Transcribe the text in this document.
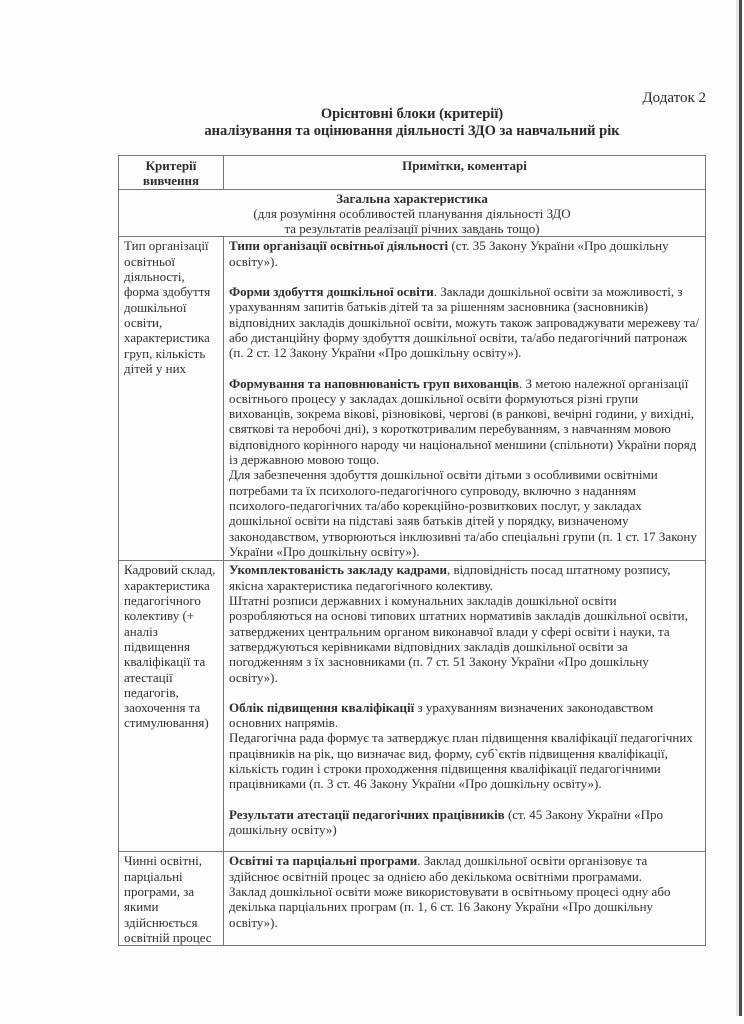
Додаток 2
Орієнтовні блоки (критерії)
аналізування та оцінювання діяльності ЗДО за навчальний рік
Критерії вивчення	Примітки, коментарі

Загальна характеристика
(для розуміння особливостей планування діяльності ЗДО
та результатів реалізації річних завдань тощо)	

Тип організації освітньої діяльності, форма здобуття дошкільної освіти, характеристика груп, кількість дітей у них	Типи організації освітньої діяльності (ст. 35 Закону України «Про дошкільну освіту»).

Форми здобуття дошкільної освіти. Заклади дошкільної освіти за можливості, з урахуванням запитів батьків дітей та за рішенням засновника (засновників) відповідних закладів дошкільної освіти, можуть також запроваджувати мережеву та/або дистанційну форму здобуття дошкільної освіти, та/або педагогічний патронаж (п. 2 ст. 12 Закону України «Про дошкільну освіту»).

Формування та наповнюваність груп вихованців. З метою належної організації освітнього процесу у закладах дошкільної освіти формуються різні групи вихованців, зокрема вікові, різновікові, чергові (в ранкові, вечірні години, у вихідні, святкові та неробочі дні), з короткотривалим перебуванням, з навчанням мовою відповідного корінного народу чи національної меншини (спільноти) України поряд із державною мовою тощо.

Для забезпечення здобуття дошкільної освіти дітьми з особливими освітніми потребами та їх психолого-педагогічного супроводу, включно з наданням психолого-педагогічних та/або корекційно-розвиткових послуг, у закладах дошкільної освіти на підставі заяв батьків дітей у порядку, визначеному законодавством, утворюються інклюзивні та/або спеціальні групи (п. 1 ст. 17 Закону України «Про дошкільну освіту»).

Кадровий склад, характеристика педагогічного колективу (+ аналіз підвищення кваліфікації та атестації педагогів, заохочення та стимулювання)	Укомплектованість закладу кадрами, відповідність посад штатному розпису, якісна характеристика педагогічного колективу.

Штатні розписи державних і комунальних закладів дошкільної освіти розробляються на основі типових штатних нормативів закладів дошкільної освіти, затверджених центральним органом виконавчої влади у сфері освіти і науки, та затверджуються керівниками відповідних закладів дошкільної освіти за погодженням з їх засновниками (п. 7 ст. 51 Закону України «Про дошкільну освіту»).

Облік підвищення кваліфікації з урахуванням визначених законодавством основних напрямів.

Педагогічна рада формує та затверджує план підвищення кваліфікації педагогічних працівників на рік, що визначає вид, форму, суб`єктів підвищення кваліфікації, кількість годин і строки проходження підвищення кваліфікації педагогічними працівниками (п. 3 ст. 46 Закону України «Про дошкільну освіту»).

Результати атестації педагогічних працівників (ст. 45 Закону України «Про дошкільну освіту»)

Чинні освітні, парціальні програми, за якими здійснюється освітній процес	Освітні та парціальні програми. Заклад дошкільної освіти організовує та здійснює освітній процес за однією або декількома освітніми програмами.

Заклад дошкільної освіти може використовувати в освітньому процесі одну або декілька парціальних програм (п. 1, 6 ст. 16 Закону України «Про дошкільну освіту»).
